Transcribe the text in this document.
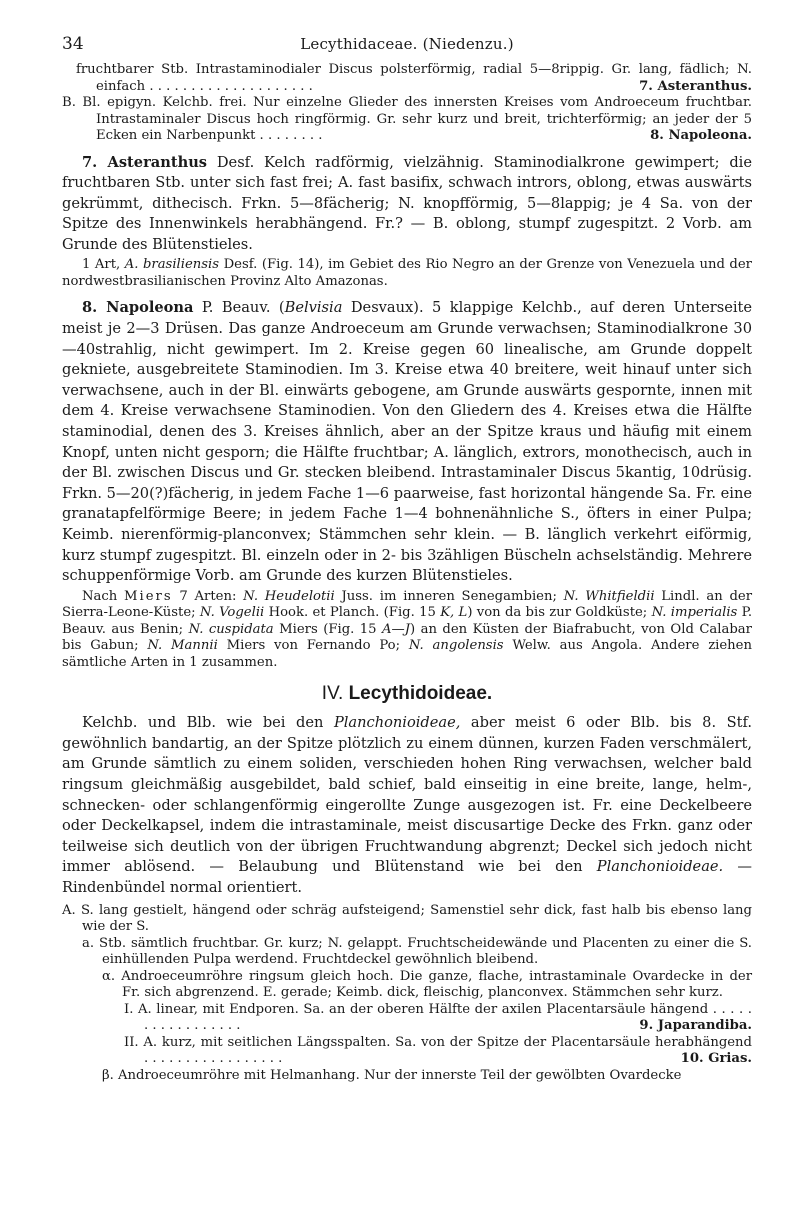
34	Lecythidaceae. (Niedenzu.)
fruchtbarer Stb. Intrastaminodialer Discus polsterförmig, radial 5—8rippig. Gr. lang, fädlich; N. einfach . . . . . . . . . . . . . . . . . . . .	7. Asteranthus.
B. Bl. epigyn. Kelchb. frei. Nur einzelne Glieder des innersten Kreises vom Androeceum fruchtbar. Intrastaminaler Discus hoch ringförmig. Gr. sehr kurz und breit, trichterförmig; an jeder der 5 Ecken ein Narbenpunkt . . . . . . . .	8. Napoleona.
7. Asteranthus Desf. Kelch radförmig, vielzähnig. Staminodialkrone gewimpert; die fruchtbaren Stb. unter sich fast frei; A. fast basifix, schwach intrors, oblong, etwas auswärts gekrümmt, dithecisch. Frkn. 5—8fächerig; N. knopfförmig, 5—8lappig; je 4 Sa. von der Spitze des Innenwinkels herabhängend. Fr.? — B. oblong, stumpf zugespitzt. 2 Vorb. am Grunde des Blütenstieles.
1 Art, A. brasiliensis Desf. (Fig. 14), im Gebiet des Rio Negro an der Grenze von Venezuela und der nordwestbrasilianischen Provinz Alto Amazonas.
8. Napoleona P. Beauv. (Belvisia Desvaux). 5 klappige Kelchb., auf deren Unterseite meist je 2—3 Drüsen. Das ganze Androeceum am Grunde verwachsen; Staminodialkrone 30—40strahlig, nicht gewimpert. Im 2. Kreise gegen 60 linealische, am Grunde doppelt gekniete, ausgebreitete Staminodien. Im 3. Kreise etwa 40 breitere, weit hinauf unter sich verwachsene, auch in der Bl. einwärts gebogene, am Grunde auswärts gespornte, innen mit dem 4. Kreise verwachsene Staminodien. Von den Gliedern des 4. Kreises etwa die Hälfte staminodial, denen des 3. Kreises ähnlich, aber an der Spitze kraus und häufig mit einem Knopf, unten nicht gesporn; die Hälfte fruchtbar; A. länglich, extrors, monothecisch, auch in der Bl. zwischen Discus und Gr. stecken bleibend. Intrastaminaler Discus 5kantig, 10drüsig. Frkn. 5—20(?)fächerig, in jedem Fache 1—6 paarweise, fast horizontal hängende Sa. Fr. eine granatapfelförmige Beere; in jedem Fache 1—4 bohnenähnliche S., öfters in einer Pulpa; Keimb. nierenförmig-planconvex; Stämmchen sehr klein. — B. länglich verkehrt eiförmig, kurz stumpf zugespitzt. Bl. einzeln oder in 2- bis 3zähligen Büscheln achselständig. Mehrere schuppenförmige Vorb. am Grunde des kurzen Blütenstieles.
Nach Miers 7 Arten: N. Heudelotii Juss. im inneren Senegambien; N. Whitfieldii Lindl. an der Sierra-Leone-Küste; N. Vogelii Hook. et Planch. (Fig. 15 K, L) von da bis zur Goldküste; N. imperialis P. Beauv. aus Benin; N. cuspidata Miers (Fig. 15 A—J) an den Küsten der Biafrabucht, von Old Calabar bis Gabun; N. Mannii Miers von Fernando Po; N. angolensis Welw. aus Angola. Andere ziehen sämtliche Arten in 1 zusammen.
IV. Lecythidoideae.
Kelchb. und Blb. wie bei den Planchonioideae, aber meist 6 oder Blb. bis 8. Stf. gewöhnlich bandartig, an der Spitze plötzlich zu einem dünnen, kurzen Faden verschmälert, am Grunde sämtlich zu einem soliden, verschieden hohen Ring verwachsen, welcher bald ringsum gleichmäßig ausgebildet, bald schief, bald einseitig in eine breite, lange, helm-, schnecken- oder schlangenförmig eingerollte Zunge ausgezogen ist. Fr. eine Deckelbeere oder Deckelkapsel, indem die intrastaminale, meist discusartige Decke des Frkn. ganz oder teilweise sich deutlich von der übrigen Fruchtwandung abgrenzt; Deckel sich jedoch nicht immer ablösend. — Belaubung und Blütenstand wie bei den Planchonioideae. — Rindenbündel normal orientiert.
A. S. lang gestielt, hängend oder schräg aufsteigend; Samenstiel sehr dick, fast halb bis ebenso lang wie der S.
a. Stb. sämtlich fruchtbar. Gr. kurz; N. gelappt. Fruchtscheidewände und Placenten zu einer die S. einhüllenden Pulpa werdend. Fruchtdeckel gewöhnlich bleibend.
α. Androeceumröhre ringsum gleich hoch. Die ganze, flache, intrastaminale Ovardecke in der Fr. sich abgrenzend. E. gerade; Keimb. dick, fleischig, planconvex. Stämmchen sehr kurz.
I. A. linear, mit Endporen. Sa. an der oberen Hälfte der axilen Placentarsäule hängend . . . . . . . . . . . . . . . . .	9. Japarandiba.
II. A. kurz, mit seitlichen Längsspalten. Sa. von der Spitze der Placentarsäule herabhängend . . . . . . . . . . . . . . . . .	10. Grias.
β. Androeceumröhre mit Helmanhang. Nur der innerste Teil der gewölbten Ovardecke
